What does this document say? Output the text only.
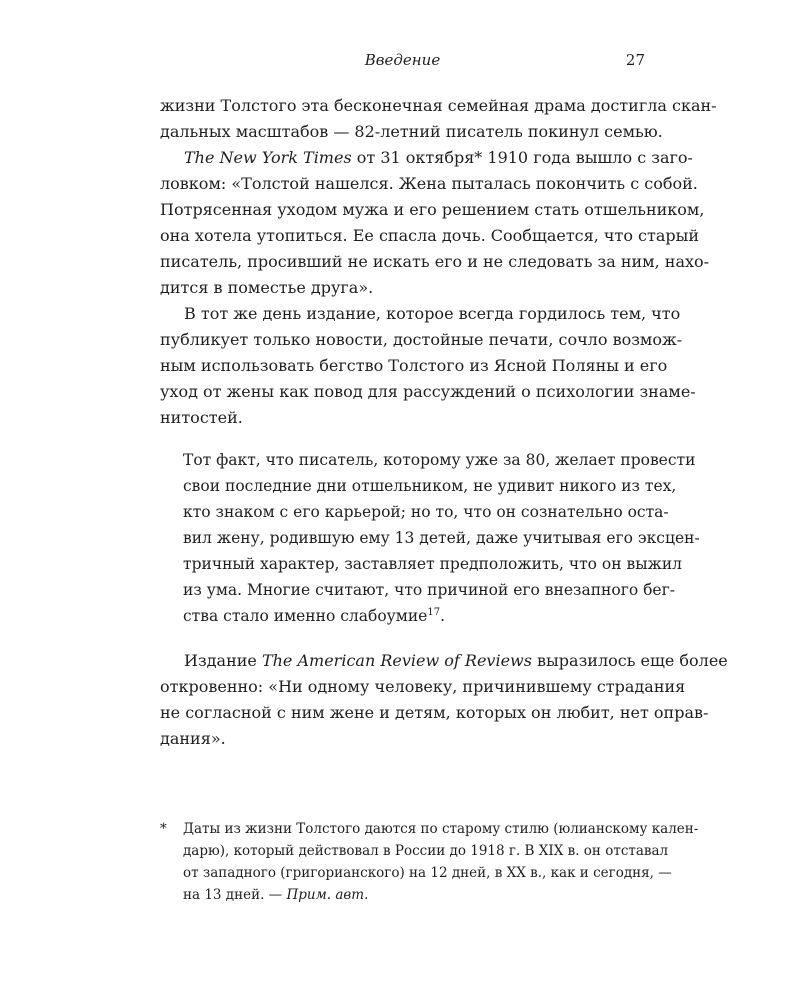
Введение	27
жизни Толстого эта бесконечная семейная драма достигла скан-
дальных масштабов — 82-летний писатель покинул семью.
The New York Times от 31 октября* 1910 года вышло с заго-
ловком: «Толстой нашелся. Жена пыталась покончить с собой.
Потрясенная уходом мужа и его решением стать отшельником,
она хотела утопиться. Ее спасла дочь. Сообщается, что старый
писатель, просивший не искать его и не следовать за ним, нахо-
дится в поместье друга».
В тот же день издание, которое всегда гордилось тем, что
публикует только новости, достойные печати, сочло возмож-
ным использовать бегство Толстого из Ясной Поляны и его
уход от жены как повод для рассуждений о психологии знаме-
нитостей.
Тот факт, что писатель, которому уже за 80, желает провести
свои последние дни отшельником, не удивит никого из тех,
кто знаком с его карьерой; но то, что он сознательно оста-
вил жену, родившую ему 13 детей, даже учитывая его эксцен-
тричный характер, заставляет предположить, что он выжил
из ума. Многие считают, что причиной его внезапного бег-
ства стало именно слабоумие$^{17}$.
Издание The American Review of Reviews выразилось еще более
откровенно: «Ни одному человеку, причинившему страдания
не согласной с ним жене и детям, которых он любит, нет оправ-
дания».
* Даты из жизни Толстого даются по старому стилю (юлианскому кален-
дарю), который действовал в России до 1918 г. В XIX в. он отставал
от западного (григорианского) на 12 дней, в XX в., как и сегодня, —
на 13 дней. — Прим. авт.
